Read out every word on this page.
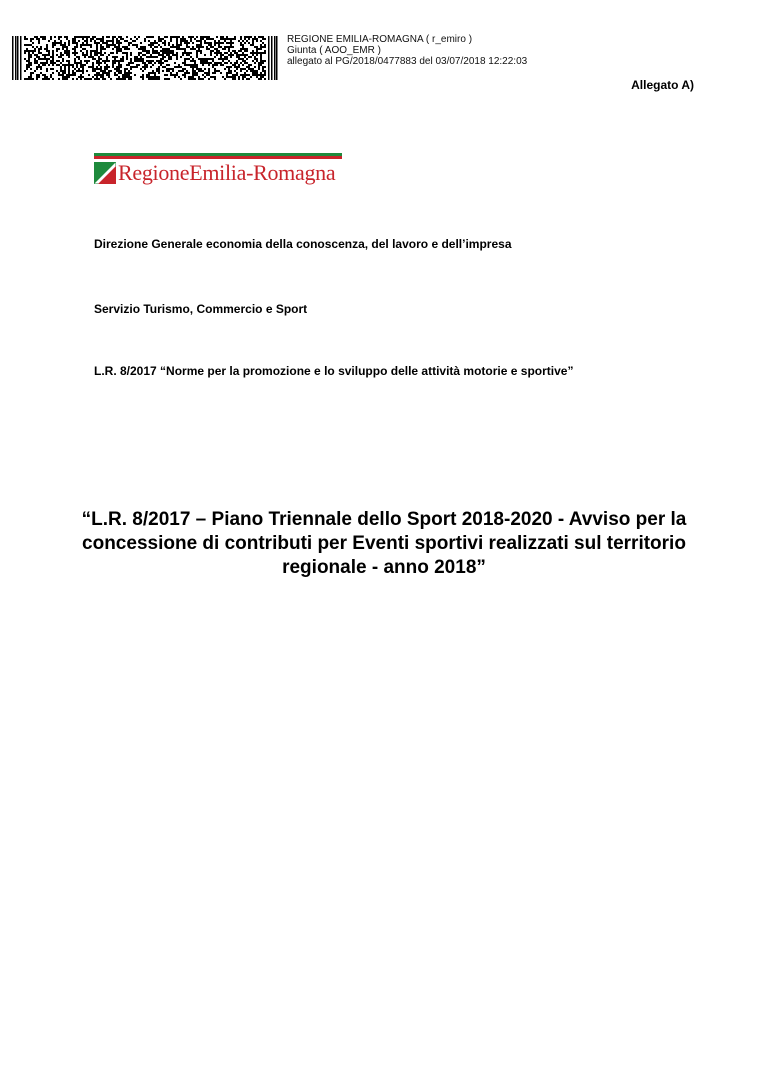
REGIONE EMILIA-ROMAGNA ( r_emiro )
Giunta ( AOO_EMR )
allegato al PG/2018/0477883 del 03/07/2018 12:22:03
Allegato A)
RegioneEmilia-Romagna
Direzione Generale economia della conoscenza, del lavoro e dell’impresa
Servizio Turismo, Commercio e Sport
L.R. 8/2017 “Norme per la promozione e lo sviluppo delle attività motorie e sportive”
“L.R. 8/2017 – Piano Triennale dello Sport 2018-2020 - Avviso per la
concessione di contributi per Eventi sportivi realizzati sul territorio
regionale - anno 2018”
